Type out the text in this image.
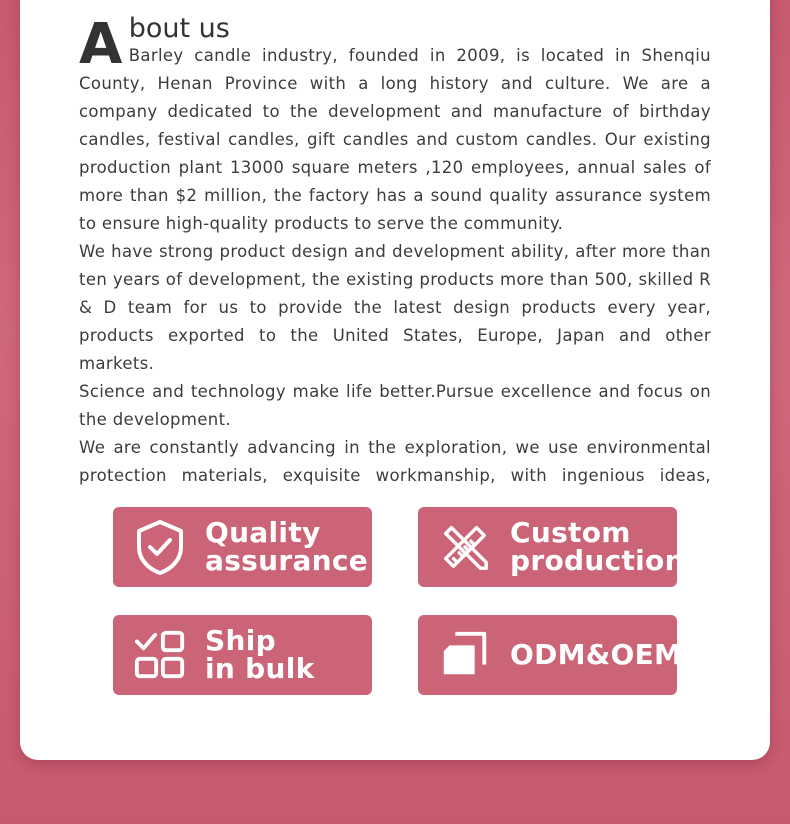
A bout us

Barley candle industry, founded in 2009, is located in Shenqiu County, Henan Province with a long history and culture. We are a company dedicated to the development and manufacture of birthday candles, festival candles, gift candles and custom candles. Our existing production plant 13000 square meters ,120 employees, annual sales of more than $2 million, the factory has a sound quality assurance system to ensure high-quality products to serve the community.

We have strong product design and development ability, after more than ten years of development, the existing products more than 500, skilled R & D team for us to provide the latest design products every year, products exported to the United States, Europe, Japan and other markets.

Science and technology make life better.Pursue excellence and focus on the development.

We are constantly advancing in the exploration, we use environmental protection materials, exquisite workmanship, with ingenious ideas,

Quality
assurance
Custom
production
Ship
in bulk	ODM&OEM
